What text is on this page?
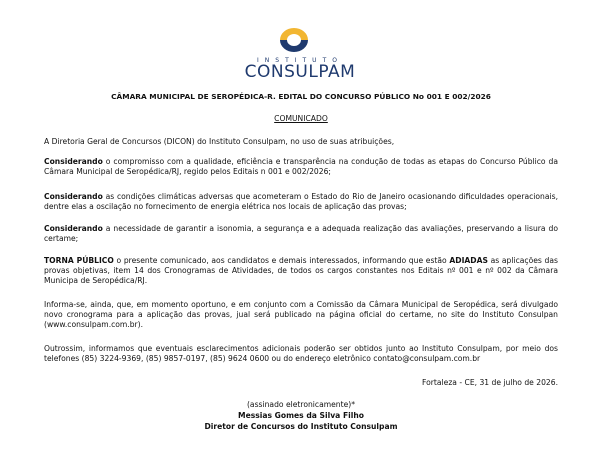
INSTITUTO
CONSULPAM
CÂMARA MUNICIPAL DE SEROPÉDICA-R. EDITAL DO CONCURSO PÚBLICO No 001 E 002/2026
COMUNICADO

A Diretoria Geral de Concursos (DICON) do Instituto Consulpam, no uso de suas atribuições,

Considerando o compromisso com a qualidade, eficiência e transparência na condução de todas as etapas do Concurso Público da Câmara Municipal de Seropédica/RJ, regido pelos Editais n 001 e 002/2026;

Considerando as condições climáticas adversas que acometeram o Estado do Rio de Janeiro ocasionando dificuldades operacionais, dentre elas a oscilação no fornecimento de energia elétrica nos locais de aplicação das provas;

Considerando a necessidade de garantir a isonomia, a segurança e a adequada realização das avaliações, preservando a lisura do certame;

TORNA PÚBLICO o presente comunicado, aos candidatos e demais interessados, informando que estão ADIADAS as aplicações das provas objetivas, item 14 dos Cronogramas de Atividades, de todos os cargos constantes nos Editais nº 001 e nº 002 da Câmara Municipa de Seropédica/RJ.

Informa-se, ainda, que, em momento oportuno, e em conjunto com a Comissão da Câmara Municipal de Seropédica, será divulgado novo cronograma para a aplicação das provas, jual será publicado na página oficial do certame, no site do Instituto Consulpan (www.consulpam.com.br).

Outrossim, informamos que eventuais esclarecimentos adicionais poderão ser obtidos junto ao Instituto Consulpam, por meio dos telefones (85) 3224-9369, (85) 9857-0197, (85) 9624 0600 ou do endereço eletrônico contato@consulpam.com.br

Fortaleza - CE, 31 de julho de 2026.
(assinado eletronicamente)*
Messias Gomes da Silva Filho
Diretor de Concursos do Instituto Consulpam
